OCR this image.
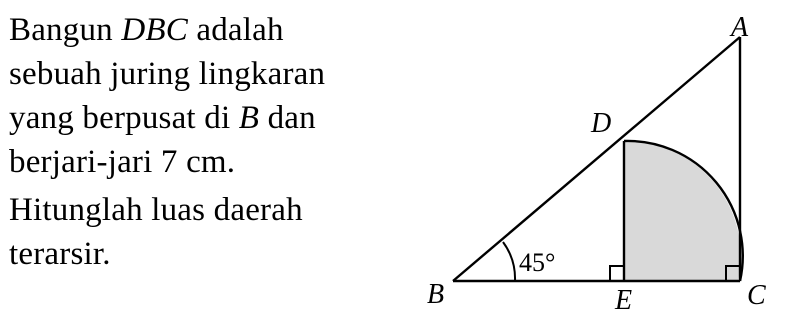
Bangun DBC adalah
sebuah juring lingkaran
yang berpusat di B dan
berjari-jari 7 cm.
Hitunglah luas daerah
terarsir.
A
D
B	E	C
45°
